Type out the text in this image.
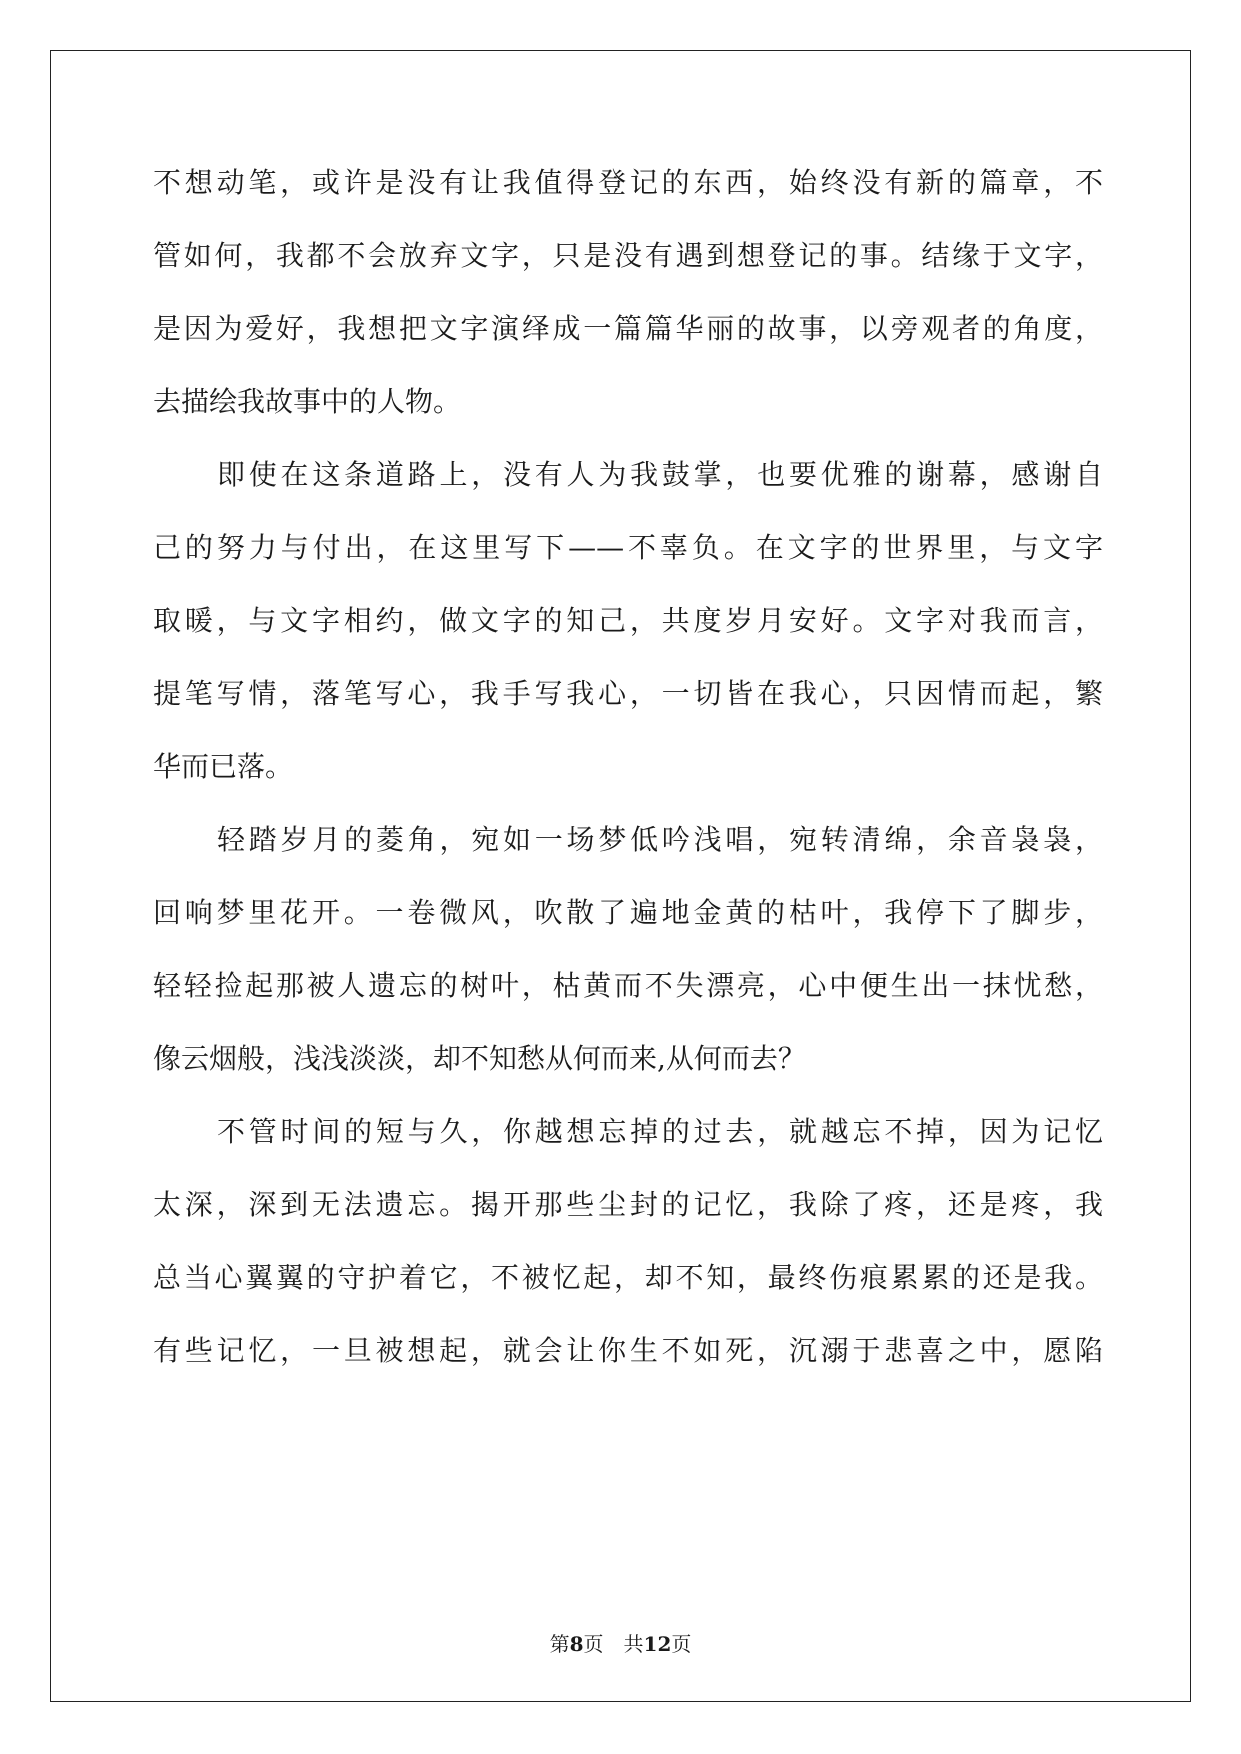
不想动笔，或许是没有让我值得登记的东西，始终没有新的篇章，不
管如何，我都不会放弃文字，只是没有遇到想登记的事。结缘于文字，
是因为爱好，我想把文字演绎成一篇篇华丽的故事，以旁观者的角度，
去描绘我故事中的人物。
即使在这条道路上，没有人为我鼓掌，也要优雅的谢幕，感谢自
己的努力与付出，在这里写下——不辜负。在文字的世界里，与文字
取暖，与文字相约，做文字的知己，共度岁月安好。文字对我而言，
提笔写情，落笔写心，我手写我心，一切皆在我心，只因情而起，繁
华而已落。
轻踏岁月的菱角，宛如一场梦低吟浅唱，宛转清绵，余音袅袅，
回响梦里花开。一卷微风，吹散了遍地金黄的枯叶，我停下了脚步，
轻轻捡起那被人遗忘的树叶，枯黄而不失漂亮，心中便生出一抹忧愁，
像云烟般，浅浅淡淡，却不知愁从何而来,从何而去？
不管时间的短与久，你越想忘掉的过去，就越忘不掉，因为记忆
太深，深到无法遗忘。揭开那些尘封的记忆，我除了疼，还是疼，我
总当心翼翼的守护着它，不被忆起，却不知，最终伤痕累累的还是我。
有些记忆，一旦被想起，就会让你生不如死，沉溺于悲喜之中，愿陷
第8页 共12页
